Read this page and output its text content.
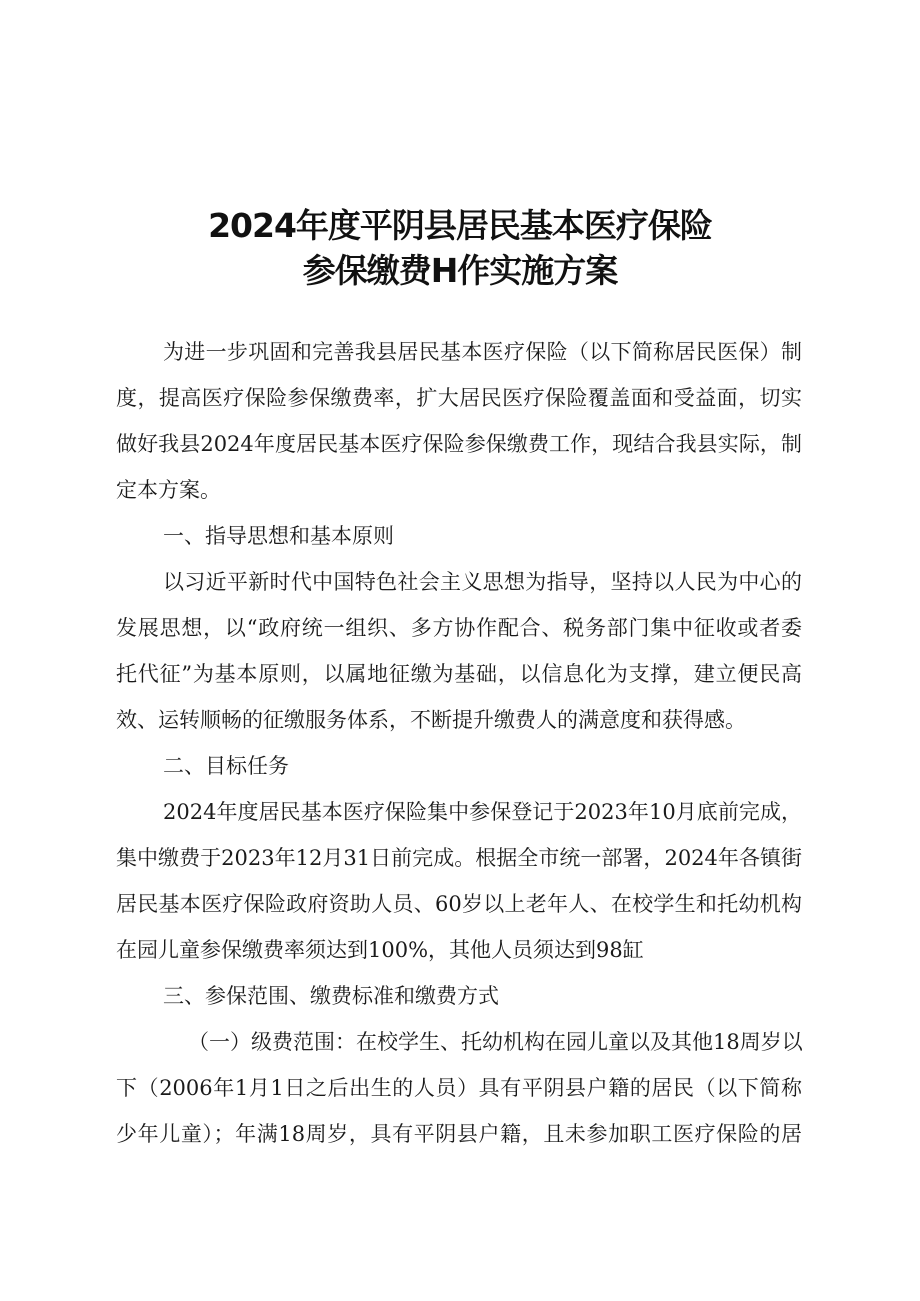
2024年度平阴县居民基本医疗保险
参保缴费H作实施方案
为进一步巩固和完善我县居民基本医疗保险（以下简称居民医保）制
度，提高医疗保险参保缴费率，扩大居民医疗保险覆盖面和受益面，切实
做好我县2024年度居民基本医疗保险参保缴费工作，现结合我县实际，制
定本方案。
一、指导思想和基本原则
以习近平新时代中国特色社会主义思想为指导，坚持以人民为中心的
发展思想，以“政府统一组织、多方协作配合、税务部门集中征收或者委
托代征”为基本原则，以属地征缴为基础，以信息化为支撑，建立便民高
效、运转顺畅的征缴服务体系，不断提升缴费人的满意度和获得感。
二、目标任务
2024年度居民基本医疗保险集中参保登记于2023年10月底前完成，
集中缴费于2023年12月31日前完成。根据全市统一部署，2024年各镇街
居民基本医疗保险政府资助人员、60岁以上老年人、在校学生和托幼机构
在园儿童参保缴费率须达到100%，其他人员须达到98缸
三、参保范围、缴费标准和缴费方式
（一）级费范围：在校学生、托幼机构在园儿童以及其他18周岁以
下（2006年1月1日之后出生的人员）具有平阴县户籍的居民（以下简称
少年儿童）；年满18周岁，具有平阴县户籍，且未参加职工医疗保险的居
